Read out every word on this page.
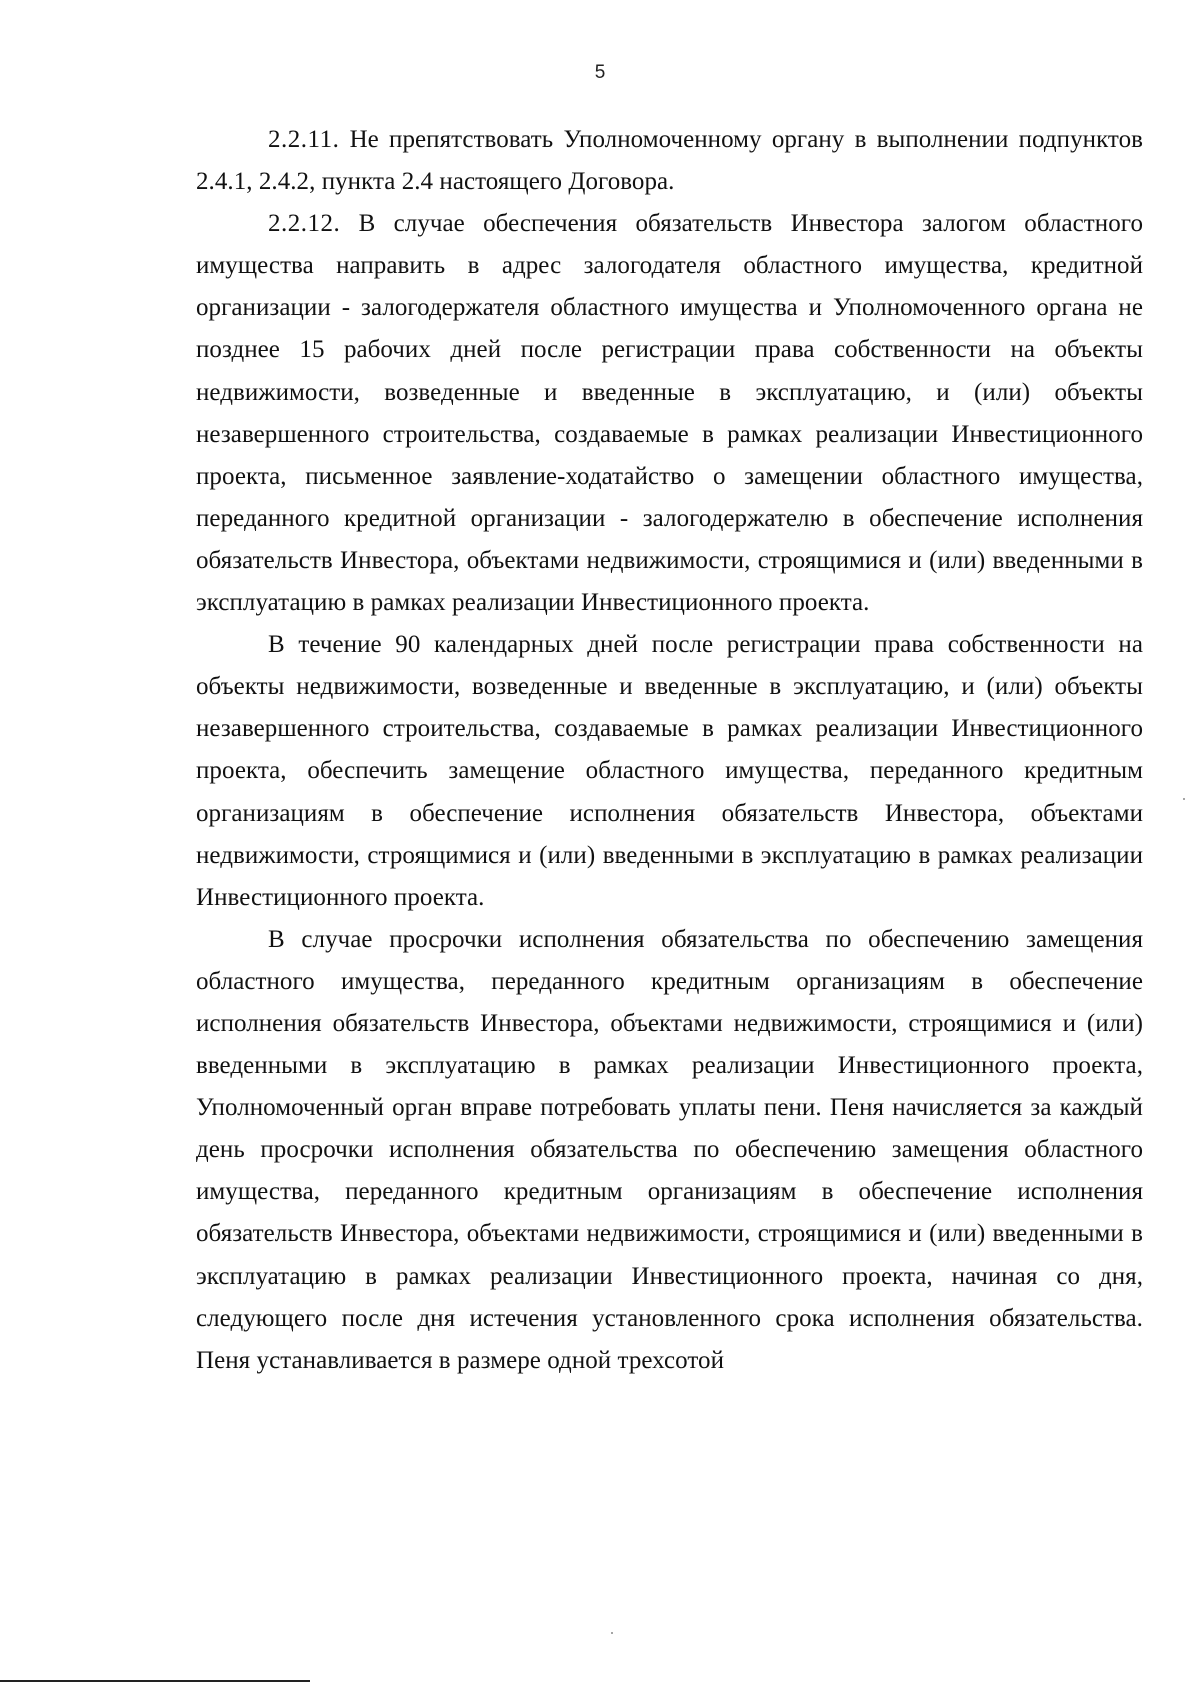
5

2.2.11. Не препятствовать Уполномоченному органу в выполнении подпунктов 2.4.1, 2.4.2, пункта 2.4 настоящего Договора.

2.2.12. В случае обеспечения обязательств Инвестора залогом областного имущества направить в адрес залогодателя областного имущества, кредитной организации - залогодержателя областного имущества и Уполномоченного органа не позднее 15 рабочих дней после регистрации права собственности на объекты недвижимости, возведенные и введенные в эксплуатацию, и (или) объекты незавершенного строительства, создаваемые в рамках реализации Инвестиционного проекта, письменное заявление-ходатайство о замещении областного имущества, переданного кредитной организации - залогодержателю в обеспечение исполнения обязательств Инвестора, объектами недвижимости, строящимися и (или) введенными в эксплуатацию в рамках реализации Инвестиционного проекта.

В течение 90 календарных дней после регистрации права собственности на объекты недвижимости, возведенные и введенные в эксплуатацию, и (или) объекты незавершенного строительства, создаваемые в рамках реализации Инвестиционного проекта, обеспечить замещение областного имущества, переданного кредитным организациям в обеспечение исполнения обязательств Инвестора, объектами недвижимости, строящимися и (или) введенными в эксплуатацию в рамках реализации Инвестиционного проекта.

В случае просрочки исполнения обязательства по обеспечению замещения областного имущества, переданного кредитным организациям в обеспечение исполнения обязательств Инвестора, объектами недвижимости, строящимися и (или) введенными в эксплуатацию в рамках реализации Инвестиционного проекта, Уполномоченный орган вправе потребовать уплаты пени. Пеня начисляется за каждый день просрочки исполнения обязательства по обеспечению замещения областного имущества, переданного кредитным организациям в обеспечение исполнения обязательств Инвестора, объектами недвижимости, строящимися и (или) введенными в эксплуатацию в рамках реализации Инвестиционного проекта, начиная со дня, следующего после дня истечения установленного срока исполнения обязательства. Пеня устанавливается в размере одной трехсотой
